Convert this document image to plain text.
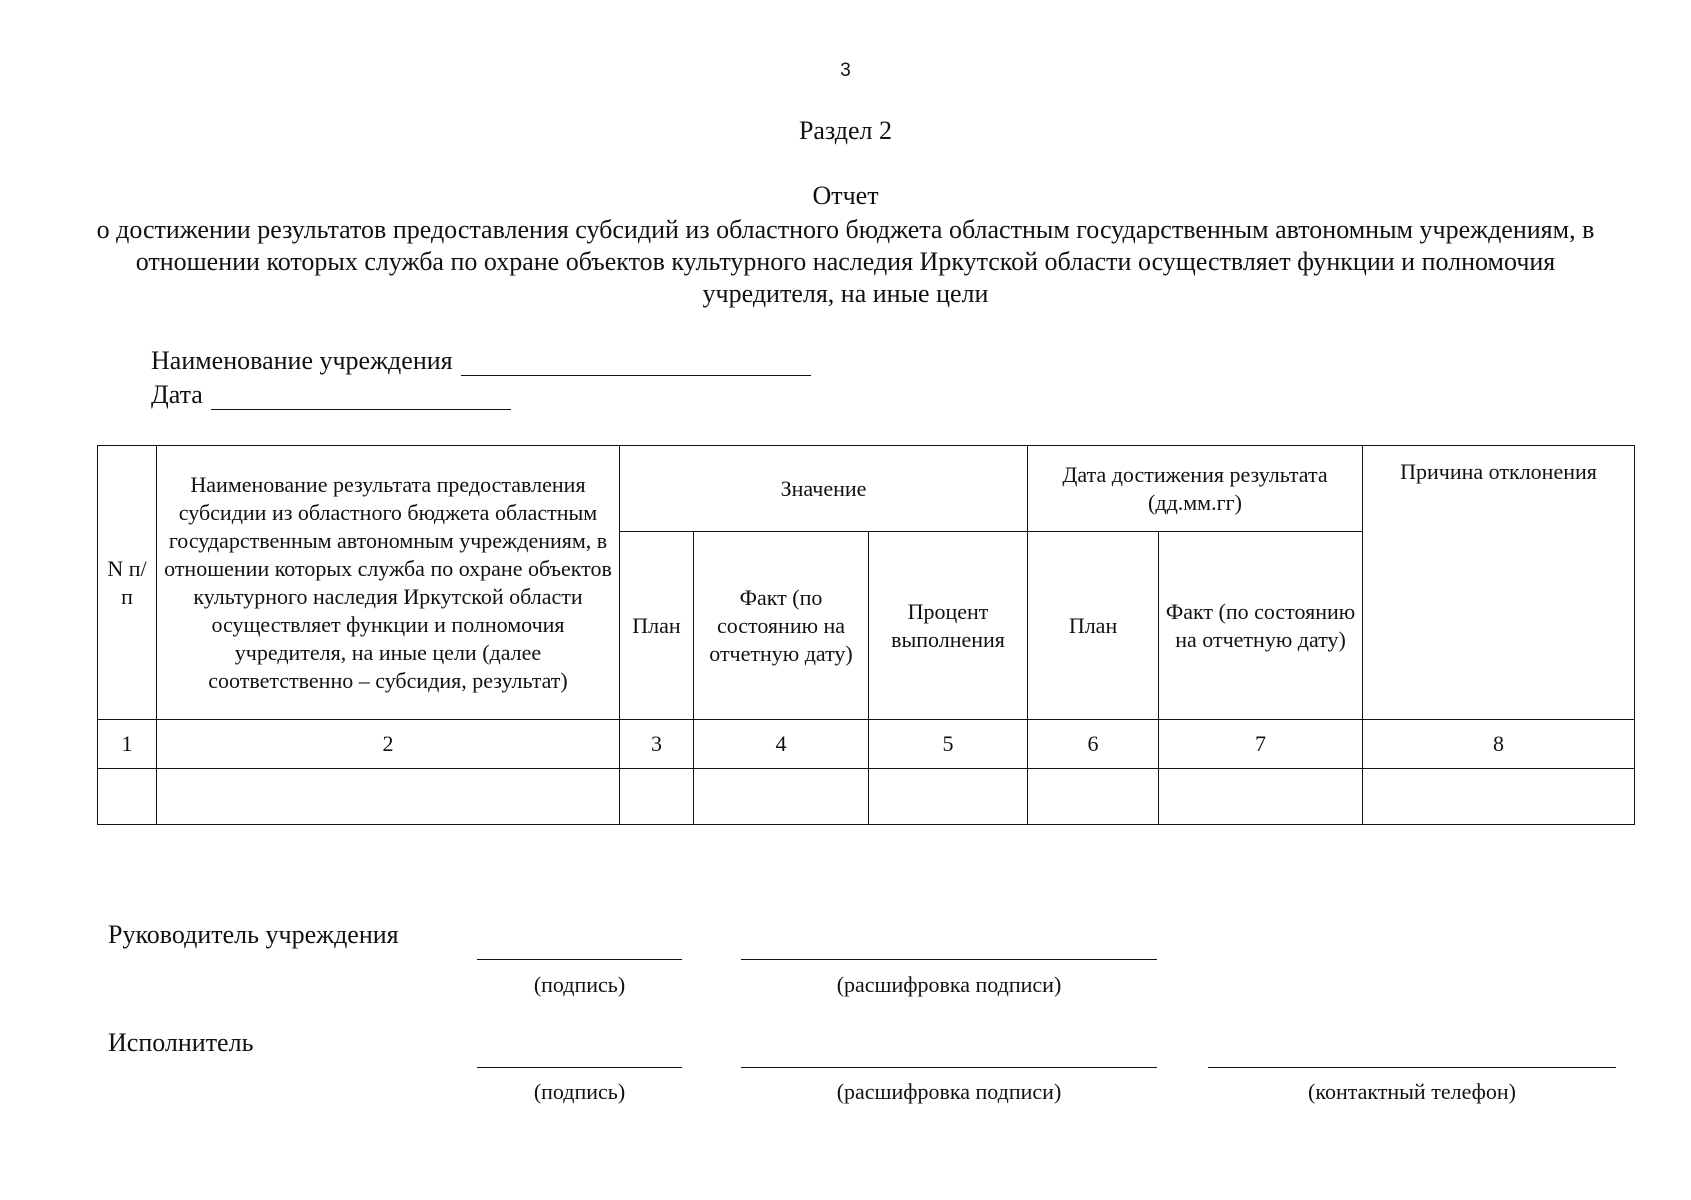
3
Раздел 2
Отчет
о достижении результатов предоставления субсидий из областного бюджета областным государственным автономным учреждениям, в отношении которых служба по охране объектов культурного наследия Иркутской области осуществляет функции и полномочия учредителя, на иные цели
Наименование учреждения
Дата
N п/п	Наименование результата предоставления субсидии из областного бюджета областным государственным автономным учреждениям, в отношении которых служба по охране объектов культурного наследия Иркутской области осуществляет функции и полномочия учредителя, на иные цели (далее соответственно – субсидия, результат)	Значение			Дата достижения результата (дд.мм.гг)		Причина отклонения
		План	Факт (по состоянию на отчетную дату)	Процент выполнения	План	Факт (по состоянию на отчетную дату)	
1	2	3	4	5	6	7	8

Руководитель учреждения
(подпись)	(расшифровка подписи)
Исполнитель
(подпись)	(расшифровка подписи)	(контактный телефон)
